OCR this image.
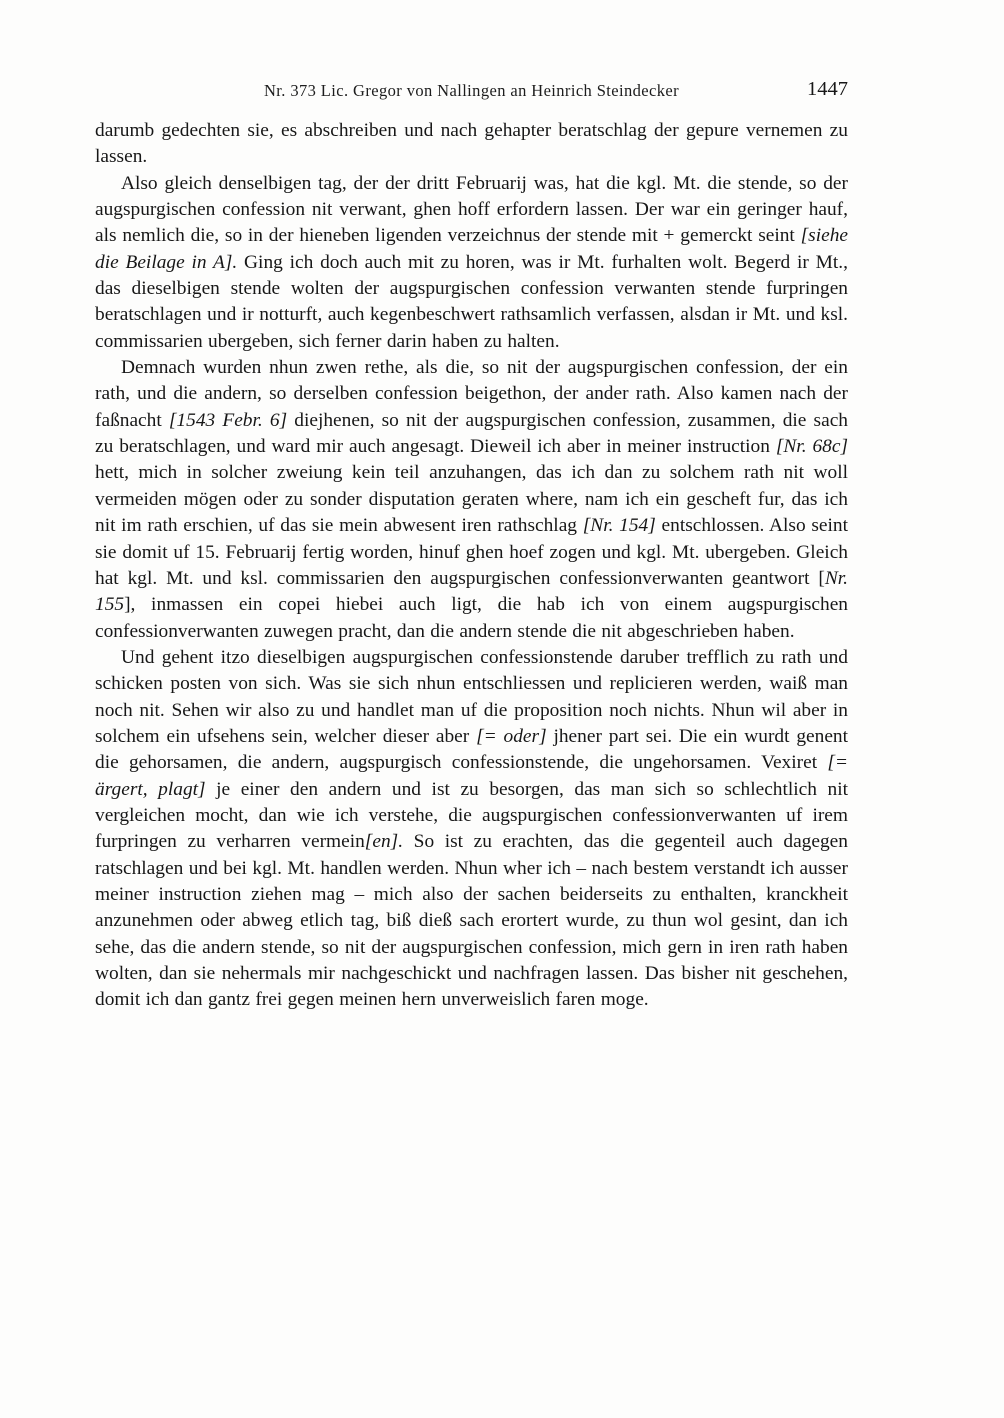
Nr. 373 Lic. Gregor von Nallingen an Heinrich Steindecker	1447

darumb gedechten sie, es abschreiben und nach gehapter beratschlag der gepure vernemen zu lassen.

Also gleich denselbigen tag, der der dritt Februarij was, hat die kgl. Mt. die stende, so der augspurgischen confession nit verwant, ghen hoff erfordern lassen. Der war ein geringer hauf, als nemlich die, so in der hieneben ligenden verzeichnus der stende mit + gemerckt seint [siehe die Beilage in A]. Ging ich doch auch mit zu horen, was ir Mt. furhalten wolt. Begerd ir Mt., das dieselbigen stende wolten der augspurgischen confession verwanten stende furpringen beratschlagen und ir notturft, auch kegenbeschwert rathsamlich verfassen, alsdan ir Mt. und ksl. commissarien ubergeben, sich ferner darin haben zu halten.

Demnach wurden nhun zwen rethe, als die, so nit der augspurgischen confession, der ein rath, und die andern, so derselben confession beigethon, der ander rath. Also kamen nach der faßnacht [1543 Febr. 6] diejhenen, so nit der augspurgischen confession, zusammen, die sach zu beratschlagen, und ward mir auch angesagt. Dieweil ich aber in meiner instruction [Nr. 68c] hett, mich in solcher zweiung kein teil anzuhangen, das ich dan zu solchem rath nit woll vermeiden mögen oder zu sonder disputation geraten where, nam ich ein gescheft fur, das ich nit im rath erschien, uf das sie mein abwesent iren rathschlag [Nr. 154] entschlossen. Also seint sie domit uf 15. Februarij fertig worden, hinuf ghen hoef zogen und kgl. Mt. ubergeben. Gleich hat kgl. Mt. und ksl. commissarien den augspurgischen confessionverwanten geantwort [Nr. 155], inmassen ein copei hiebei auch ligt, die hab ich von einem augspurgischen confessionverwanten zuwegen pracht, dan die andern stende die nit abgeschrieben haben.

Und gehent itzo dieselbigen augspurgischen confessionstende daruber trefflich zu rath und schicken posten von sich. Was sie sich nhun entschliessen und replicieren werden, waiß man noch nit. Sehen wir also zu und handlet man uf die proposition noch nichts. Nhun wil aber in solchem ein ufsehens sein, welcher dieser aber [= oder] jhener part sei. Die ein wurdt genent die gehorsamen, die andern, augspurgisch confessionstende, die ungehorsamen. Vexiret [= ärgert, plagt] je einer den andern und ist zu besorgen, das man sich so schlechtlich nit vergleichen mocht, dan wie ich verstehe, die augspurgischen confessionverwanten uf irem furpringen zu verharren vermein[en]. So ist zu erachten, das die gegenteil auch dagegen ratschlagen und bei kgl. Mt. handlen werden. Nhun wher ich – nach bestem verstandt ich ausser meiner instruction ziehen mag – mich also der sachen beiderseits zu enthalten, kranckheit anzunehmen oder abweg etlich tag, biß dieß sach erortert wurde, zu thun wol gesint, dan ich sehe, das die andern stende, so nit der augspurgischen confession, mich gern in iren rath haben wolten, dan sie nehermals mir nachgeschickt und nachfragen lassen. Das bisher nit geschehen, domit ich dan gantz frei gegen meinen hern unverweislich faren moge.
